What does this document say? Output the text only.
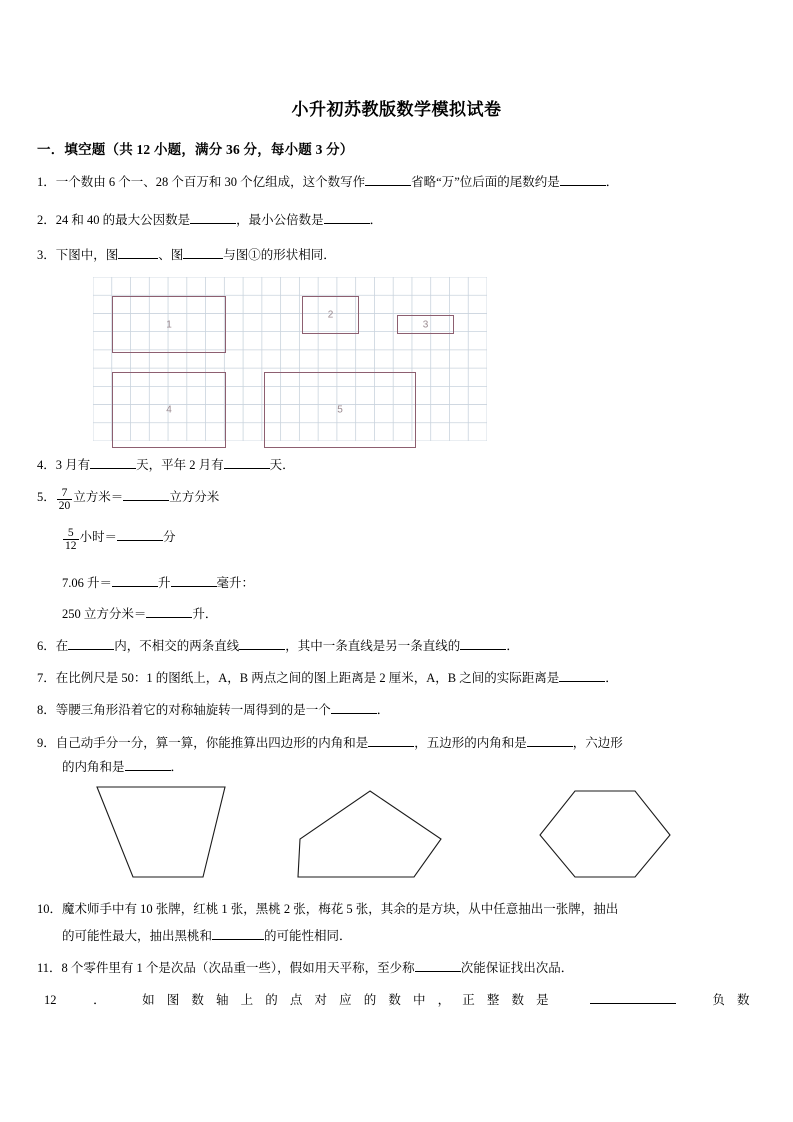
小升初苏教版数学模拟试卷
一．填空题（共 12 小题，满分 36 分，每小题 3 分）
1．一个数由 6 个一、28 个百万和 30 个亿组成，这个数写作	省略“万”位后面的尾数约是	．
2．24 和 40 的最大公因数是	，最小公倍数是	．
3．下图中，图	、图	与图①的形状相同．
1
2
3
4	5
4．3 月有	天，平年 2 月有	天．
5． $\frac{7}{20}$ 立方米＝	立方分米
$\frac{5}{12}$ 小时＝	分
7.06 升＝	升	毫升：
250 立方分米＝	升．
6．在	内，不相交的两条直线	，其中一条直线是另一条直线的	．
7．在比例尺是 50：1 的图纸上，A，B 两点之间的图上距离是 2 厘米，A，B 之间的实际距离是	．
8．等腰三角形沿着它的对称轴旋转一周得到的是一个	．
9．自己动手分一分，算一算，你能推算出四边形的内角和是	，五边形的内角和是	，六边形
的内角和是	．
10．魔术师手中有 10 张牌，红桃 1 张，黑桃 2 张，梅花 5 张，其余的是方块，从中任意抽出一张牌，抽出
的可能性最大，抽出黑桃和	的可能性相同．
11．8 个零件里有 1 个是次品（次品重一些），假如用天平称，至少称	次能保证找出次品．
12	．	如 图 数 轴 上 的 点 对 应 的 数 中 ， 正 整 数 是	负 数
